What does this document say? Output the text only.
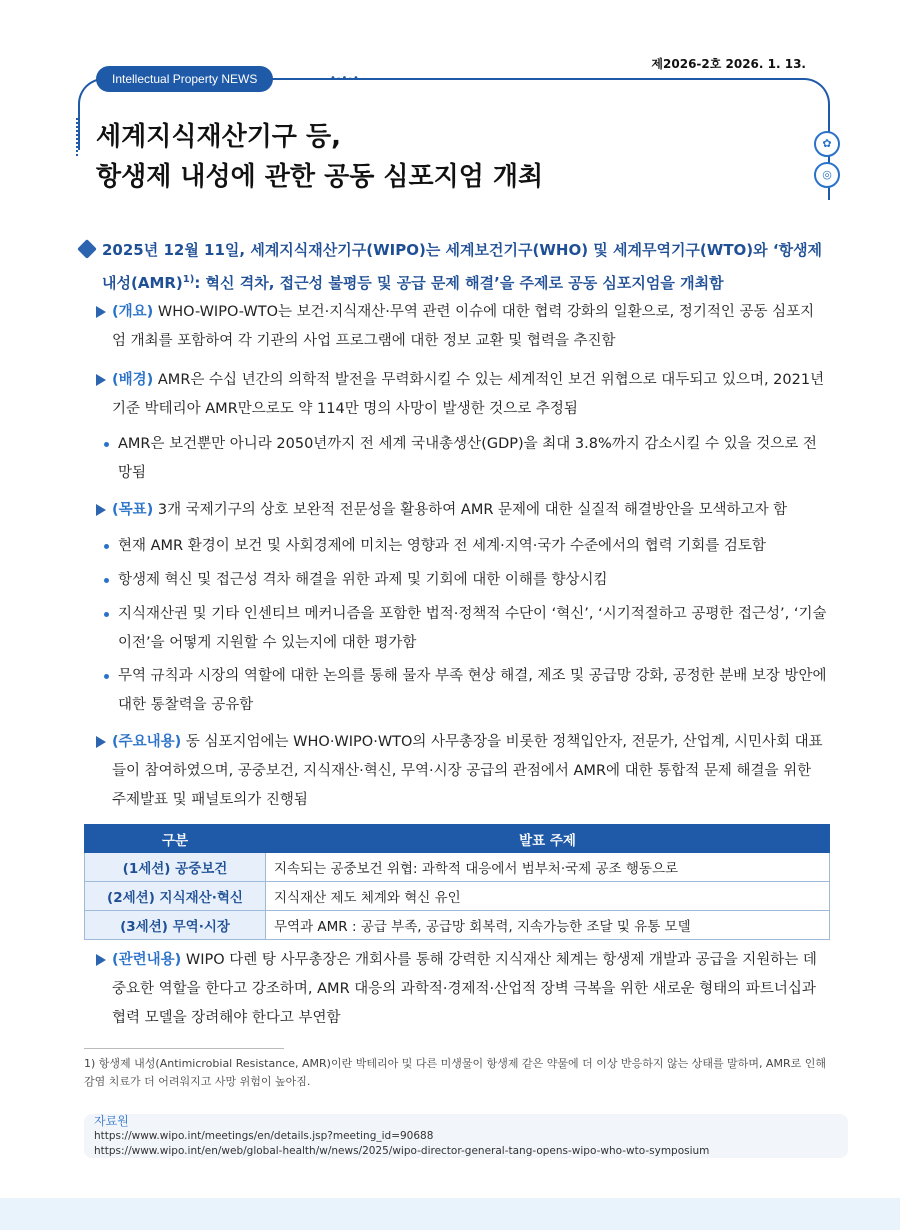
Intellectual Property NEWS	•-•-•
제2026-2호 2026. 1. 13.
세계지식재산기구 등,
항생제 내성에 관한 공동 심포지엄 개최
✿
◎
2025년 12월 11일, 세계지식재산기구(WIPO)는 세계보건기구(WHO) 및 세계무역기구(WTO)와 ‘항생제
내성(AMR)$^{1)}$: 혁신 격차, 접근성 불평등 및 공급 문제 해결’을 주제로 공동 심포지엄을 개최함
(개요) WHO-WIPO-WTO는 보건·지식재산·무역 관련 이슈에 대한 협력 강화의 일환으로, 정기적인 공동 심포지엄 개최를 포함하여 각 기관의 사업 프로그램에 대한 정보 교환 및 협력을 추진함
(배경) AMR은 수십 년간의 의학적 발전을 무력화시킬 수 있는 세계적인 보건 위협으로 대두되고 있으며, 2021년 기준 박테리아 AMR만으로도 약 114만 명의 사망이 발생한 것으로 추정됨
AMR은 보건뿐만 아니라 2050년까지 전 세계 국내총생산(GDP)을 최대 3.8%까지 감소시킬 수 있을 것으로 전망됨
(목표) 3개 국제기구의 상호 보완적 전문성을 활용하여 AMR 문제에 대한 실질적 해결방안을 모색하고자 함
현재 AMR 환경이 보건 및 사회경제에 미치는 영향과 전 세계·지역·국가 수준에서의 협력 기회를 검토함
항생제 혁신 및 접근성 격차 해결을 위한 과제 및 기회에 대한 이해를 향상시킴
지식재산권 및 기타 인센티브 메커니즘을 포함한 법적·정책적 수단이 ‘혁신’, ‘시기적절하고 공평한 접근성’, ‘기술이전’을 어떻게 지원할 수 있는지에 대한 평가함
무역 규칙과 시장의 역할에 대한 논의를 통해 물자 부족 현상 해결, 제조 및 공급망 강화, 공정한 분배 보장 방안에 대한 통찰력을 공유함
(주요내용) 동 심포지엄에는 WHO·WIPO·WTO의 사무총장을 비롯한 정책입안자, 전문가, 산업계, 시민사회 대표들이 참여하였으며, 공중보건, 지식재산·혁신, 무역·시장 공급의 관점에서 AMR에 대한 통합적 문제 해결을 위한 주제발표 및 패널토의가 진행됨
구분	발표 주제
(1세션) 공중보건	지속되는 공중보건 위협: 과학적 대응에서 범부처·국제 공조 행동으로
(2세션) 지식재산·혁신	지식재산 제도 체계와 혁신 유인
(3세션) 무역·시장	무역과 AMR : 공급 부족, 공급망 회복력, 지속가능한 조달 및 유통 모델
(관련내용) WIPO 다렌 탕 사무총장은 개회사를 통해 강력한 지식재산 체계는 항생제 개발과 공급을 지원하는 데 중요한 역할을 한다고 강조하며, AMR 대응의 과학적·경제적·산업적 장벽 극복을 위한 새로운 형태의 파트너십과 협력 모델을 장려해야 한다고 부연함
1) 항생제 내성(Antimicrobial Resistance, AMR)이란 박테리아 및 다른 미생물이 항생제 같은 약물에 더 이상 반응하지 않는 상태를 말하며, AMR로 인해 감염 치료가 더 어려워지고 사망 위험이 높아짐.
자료원
https://www.wipo.int/meetings/en/details.jsp?meeting_id=90688
https://www.wipo.int/en/web/global-health/w/news/2025/wipo-director-general-tang-opens-wipo-who-wto-symposium
